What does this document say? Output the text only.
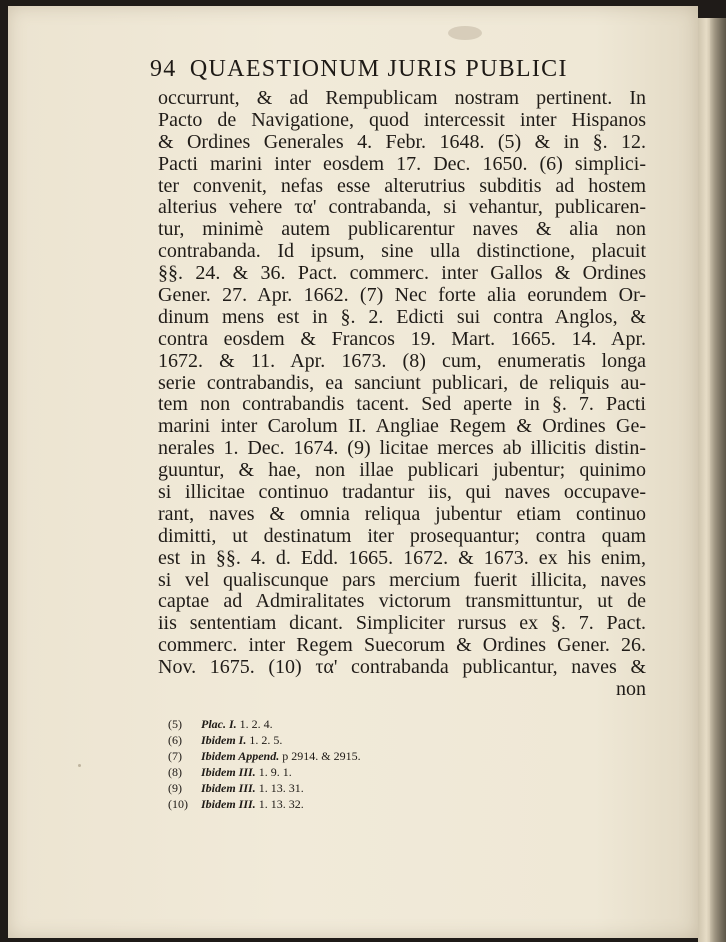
94 QUAESTIONUM JURIS PUBLICI
occurrunt, & ad Rempublicam nostram pertinent. In
Pacto de Navigatione, quod intercessit inter Hispanos
& Ordines Generales 4. Febr. 1648. (5) & in §. 12.
Pacti marini inter eosdem 17. Dec. 1650. (6) simplici-
ter convenit, nefas esse alterutrius subditis ad hostem
alterius vehere τα' contrabanda, si vehantur, publicaren-
tur, minimè autem publicarentur naves & alia non
contrabanda. Id ipsum, sine ulla distinctione, placuit
§§. 24. & 36. Pact. commerc. inter Gallos & Ordines
Gener. 27. Apr. 1662. (7) Nec forte alia eorundem Or-
dinum mens est in §. 2. Edicti sui contra Anglos, &
contra eosdem & Francos 19. Mart. 1665. 14. Apr.
1672. & 11. Apr. 1673. (8) cum, enumeratis longa
serie contrabandis, ea sanciunt publicari, de reliquis au-
tem non contrabandis tacent. Sed aperte in §. 7. Pacti
marini inter Carolum II. Angliae Regem & Ordines Ge-
nerales 1. Dec. 1674. (9) licitae merces ab illicitis distin-
guuntur, & hae, non illae publicari jubentur; quinimo
si illicitae continuo tradantur iis, qui naves occupave-
rant, naves & omnia reliqua jubentur etiam continuo
dimitti, ut destinatum iter prosequantur; contra quam
est in §§. 4. d. Edd. 1665. 1672. & 1673. ex his enim,
si vel qualiscunque pars mercium fuerit illicita, naves
captae ad Admiralitates victorum transmittuntur, ut de
iis sententiam dicant. Simpliciter rursus ex §. 7. Pact.
commerc. inter Regem Suecorum & Ordines Gener. 26.
Nov. 1675. (10) τα' contrabanda publicantur, naves &
non
(5) Plac. I. 1. 2. 4.
(6) Ibidem I. 1. 2. 5.
(7) Ibidem Append. p 2914. & 2915.
(8) Ibidem III. 1. 9. 1.
(9) Ibidem III. 1. 13. 31.
(10) Ibidem III. 1. 13. 32.
